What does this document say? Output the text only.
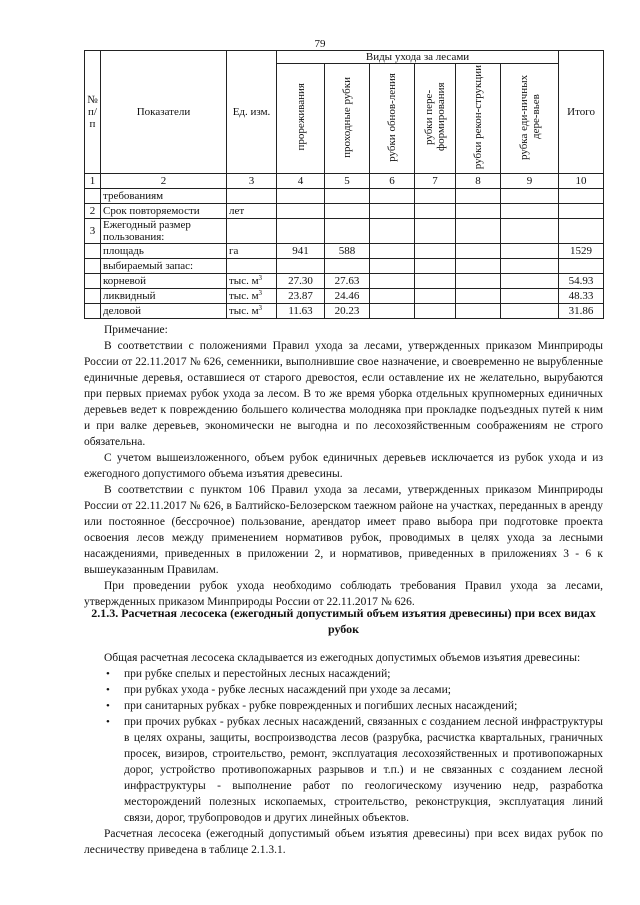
79
№ п/п	Показатели	Ед. изм.	Виды ухода за лесами						Итого
			прореживания	проходные рубки	рубки обнов-ления	рубки пере-формирования	рубки рекон-струкции	рубка еди-ничных дере-вьев	
1	2	3	4	5	6	7	8	9	10
	требованиям								
2	Срок повторяемости	лет							
3	Ежегодный размер пользования:								
	площадь	га	941	588					1529
	выбираемый запас:								
	корневой	тыс. $м^3$	27.30	27.63					54.93
	ликвидный	тыс. $м^3$	23.87	24.46					48.33
	деловой	тыс. $м^3$	11.63	20.23					31.86

Примечание:

В соответствии с положениями Правил ухода за лесами, утвержденных приказом Минприроды России от 22.11.2017 № 626, семенники, выполнившие свое назначение, и своевременно не вырубленные единичные деревья, оставшиеся от старого древостоя, если оставление их не желательно, вырубаются при первых приемах рубок ухода за лесом. В то же время уборка отдельных крупномерных единичных деревьев ведет к повреждению большего количества молодняка при прокладке подъездных путей к ним и при валке деревьев, экономически не выгодна и по лесохозяйственным соображениям не строго обязательна.

С учетом вышеизложенного, объем рубок единичных деревьев исключается из рубок ухода и из ежегодного допустимого объема изъятия древесины.

В соответствии с пунктом 106 Правил ухода за лесами, утвержденных приказом Минприроды России от 22.11.2017 № 626, в Балтийско-Белозерском таежном районе на участках, переданных в аренду или постоянное (бессрочное) пользование, арендатор имеет право выбора при подготовке проекта освоения лесов между применением нормативов рубок, проводимых в целях ухода за лесными насаждениями, приведенных в приложении 2, и нормативов, приведенных в приложениях 3 - 6 к вышеуказанным Правилам.

При проведении рубок ухода необходимо соблюдать требования Правил ухода за лесами, утвержденных приказом Минприроды России от 22.11.2017 № 626.

2.1.3. Расчетная лесосека (ежегодный допустимый объем изъятия древесины) при всех видах рубок

Общая расчетная лесосека складывается из ежегодных допустимых объемов изъятия древесины:

• при рубке спелых и перестойных лесных насаждений;
• при рубках ухода - рубке лесных насаждений при уходе за лесами;
• при санитарных рубках - рубке поврежденных и погибших лесных насаждений;
• при прочих рубках - рубках лесных насаждений, связанных с созданием лесной инфраструктуры в целях охраны, защиты, воспроизводства лесов (разрубка, расчистка квартальных, граничных просек, визиров, строительство, ремонт, эксплуатация лесохозяйственных и противопожарных дорог, устройство противопожарных разрывов и т.п.) и не связанных с созданием лесной инфраструктуры - выполнение работ по геологическому изучению недр, разработка месторождений полезных ископаемых, строительство, реконструкция, эксплуатация линий связи, дорог, трубопроводов и других линейных объектов.

Расчетная лесосека (ежегодный допустимый объем изъятия древесины) при всех видах рубок по лесничеству приведена в таблице 2.1.3.1.
